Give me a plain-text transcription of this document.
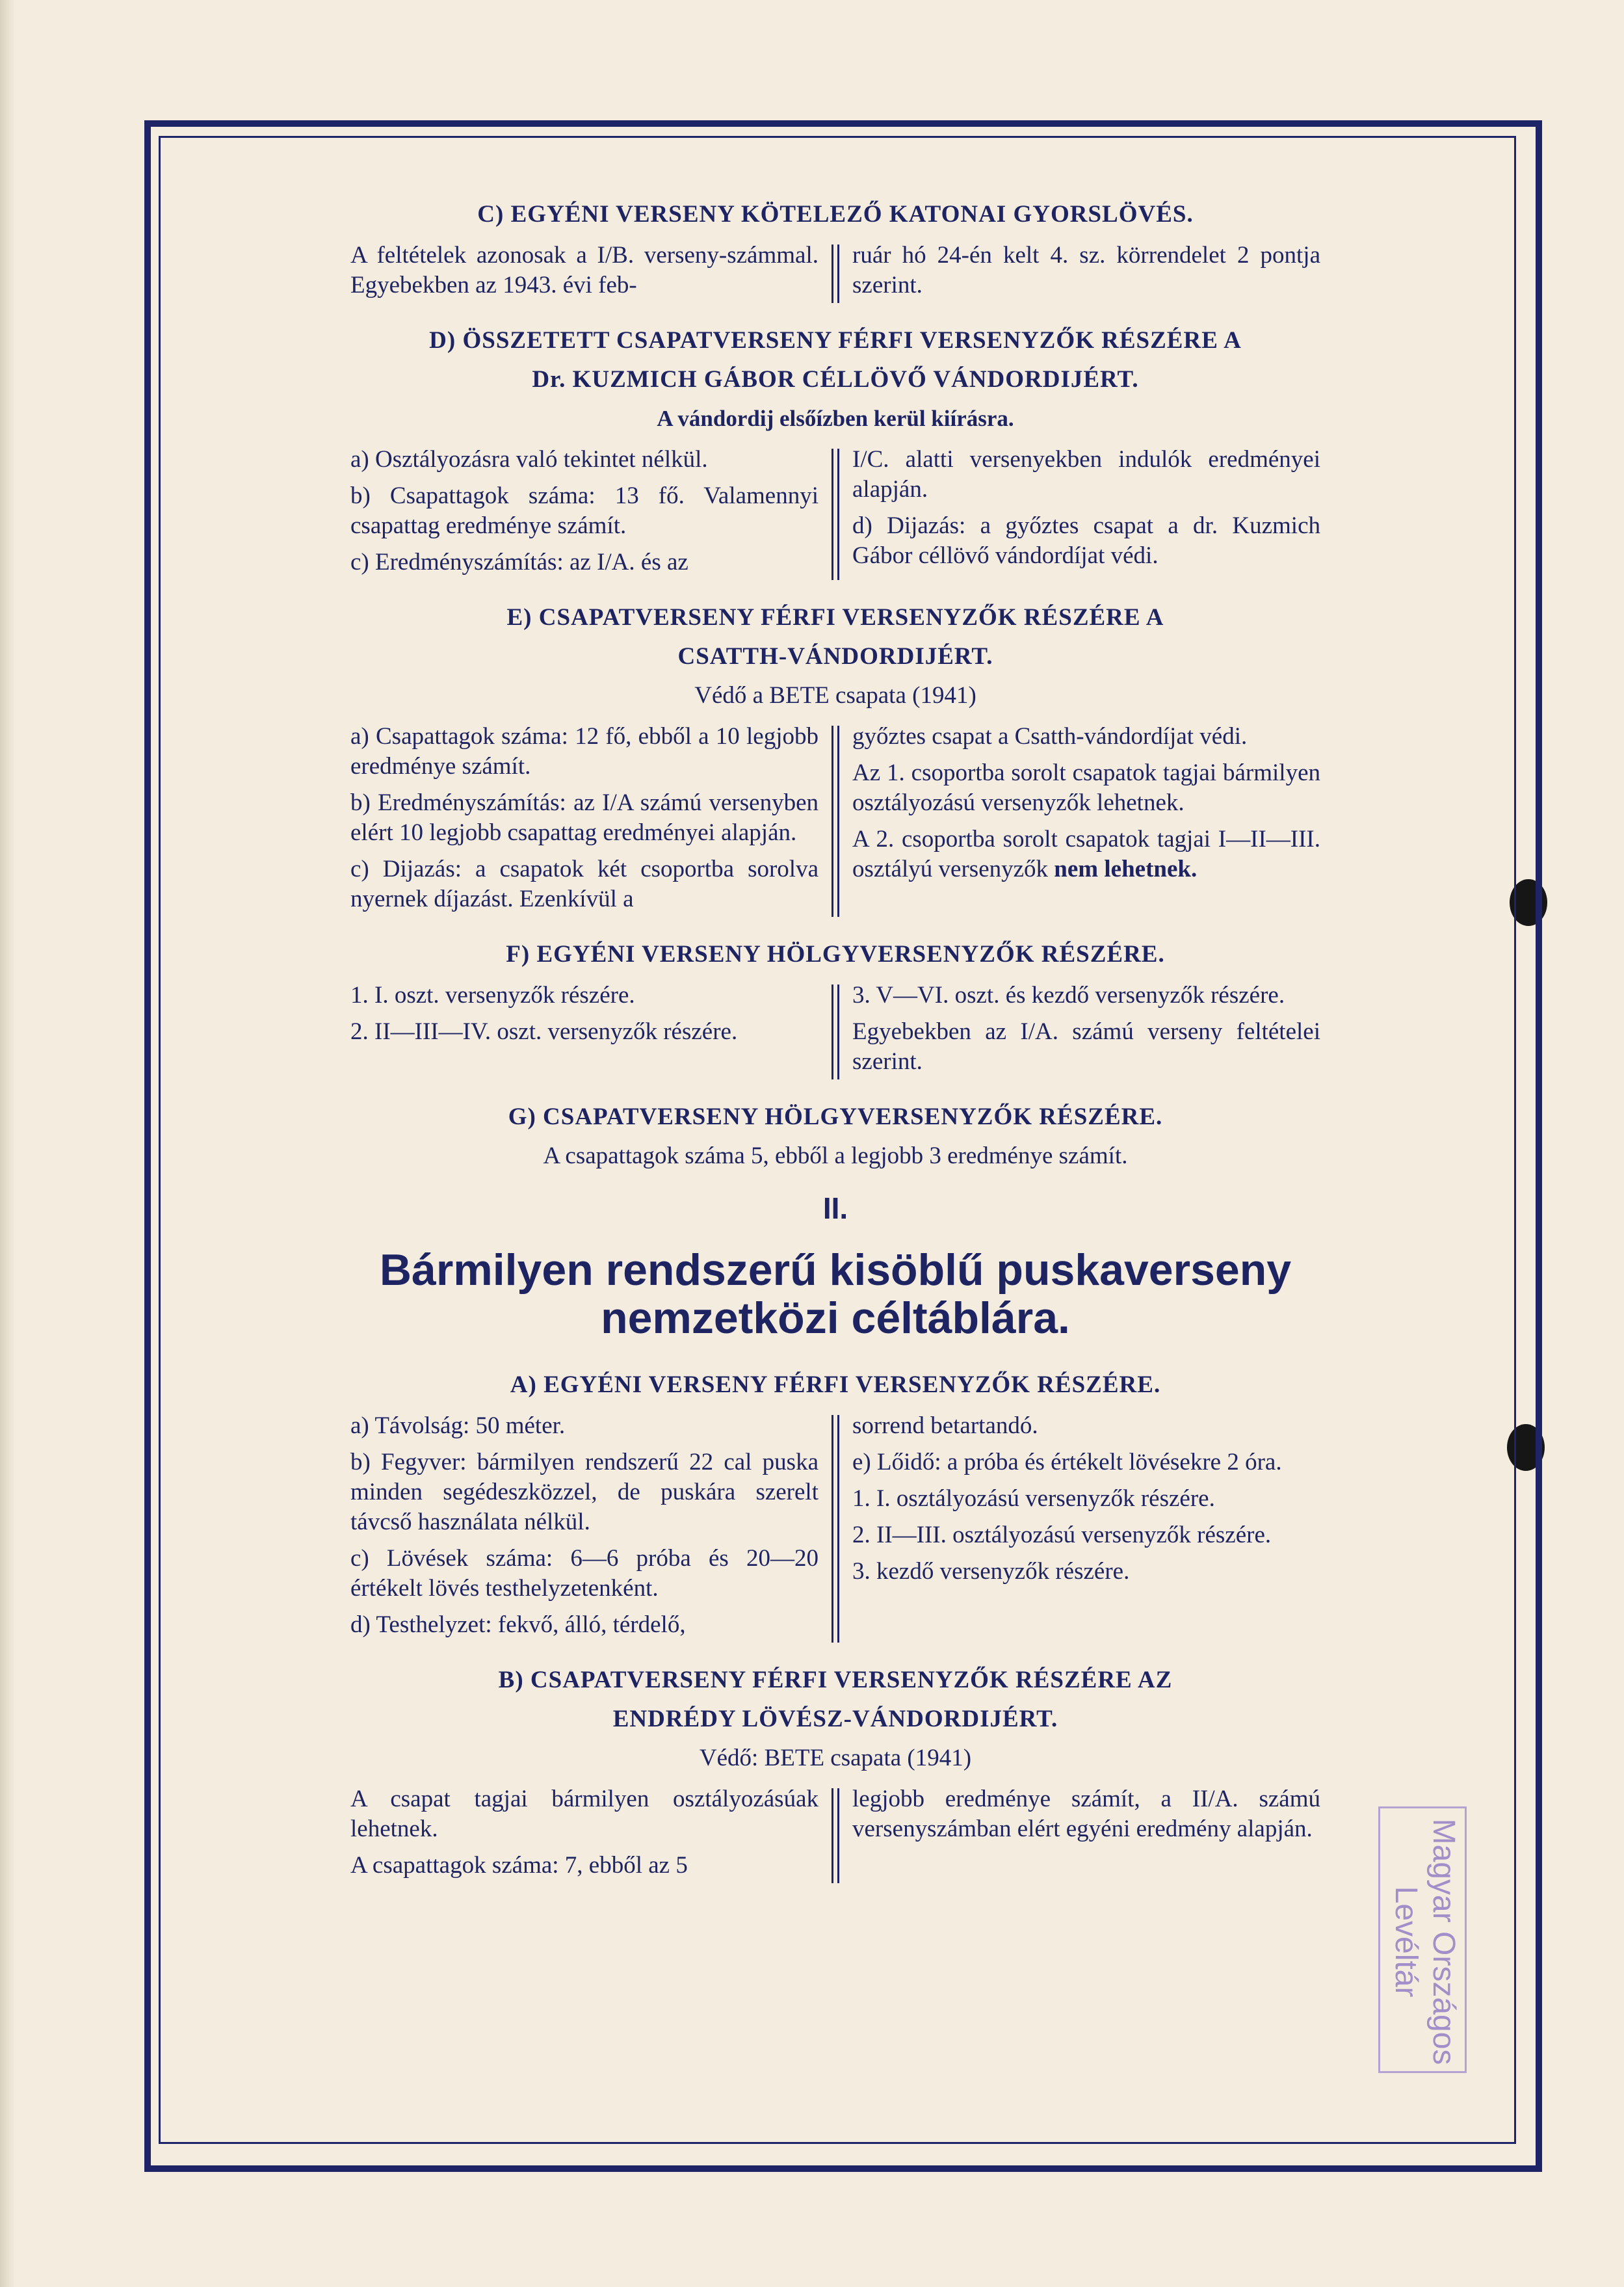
C) EGYÉNI VERSENY KÖTELEZŐ KATONAI GYORSLÖVÉS.

A feltételek azonosak a I/B. verseny-számmal. Egyebekben az 1943. évi feb-

ruár hó 24-én kelt 4. sz. körrendelet 2 pontja szerint.

D) ÖSSZETETT CSAPATVERSENY FÉRFI VERSENYZŐK RÉSZÉRE A
Dr. KUZMICH GÁBOR CÉLLÖVŐ VÁNDORDIJÉRT.
A vándordij elsőízben kerül kiírásra.

a) Osztályozásra való tekintet nélkül.

b) Csapattagok száma: 13 fő. Valamennyi csapattag eredménye számít.

c) Eredményszámítás: az I/A. és az

I/C. alatti versenyekben indulók eredményei alapján.

d) Dijazás: a győztes csapat a dr. Kuzmich Gábor céllövő vándordíjat védi.

E) CSAPATVERSENY FÉRFI VERSENYZŐK RÉSZÉRE A
CSATTH-VÁNDORDIJÉRT.
Védő a BETE csapata (1941)

a) Csapattagok száma: 12 fő, ebből a 10 legjobb eredménye számít.

b) Eredményszámítás: az I/A számú versenyben elért 10 legjobb csapattag eredményei alapján.

c) Dijazás: a csapatok két csoportba sorolva nyernek díjazást. Ezenkívül a

győztes csapat a Csatth-vándordíjat védi.

Az 1. csoportba sorolt csapatok tagjai bármilyen osztályozású versenyzők lehetnek.

A 2. csoportba sorolt csapatok tagjai I—II—III. osztályú versenyzők nem lehetnek.

F) EGYÉNI VERSENY HÖLGYVERSENYZŐK RÉSZÉRE.

1. I. oszt. versenyzők részére.

2. II—III—IV. oszt. versenyzők részére.

3. V—VI. oszt. és kezdő versenyzők részére.

Egyebekben az I/A. számú verseny feltételei szerint.

G) CSAPATVERSENY HÖLGYVERSENYZŐK RÉSZÉRE.
A csapattagok száma 5, ebből a legjobb 3 eredménye számít.
II.
Bármilyen rendszerű kisöblű puskaverseny
nemzetközi céltáblára.
A) EGYÉNI VERSENY FÉRFI VERSENYZŐK RÉSZÉRE.

a) Távolság: 50 méter.

b) Fegyver: bármilyen rendszerű 22 cal puska minden segédeszközzel, de puskára szerelt távcső használata nélkül.

c) Lövések száma: 6—6 próba és 20—20 értékelt lövés testhelyzetenként.

d) Testhelyzet: fekvő, álló, térdelő,

sorrend betartandó.

e) Lőidő: a próba és értékelt lövésekre 2 óra.

1. I. osztályozású versenyzők részére.

2. II—III. osztályozású versenyzők részére.

3. kezdő versenyzők részére.

B) CSAPATVERSENY FÉRFI VERSENYZŐK RÉSZÉRE AZ
ENDRÉDY LÖVÉSZ-VÁNDORDIJÉRT.
Védő: BETE csapata (1941)

A csapat tagjai bármilyen osztályozásúak lehetnek.

A csapattagok száma: 7, ebből az 5

legjobb eredménye számít, a II/A. számú versenyszámban elért egyéni eredmény alapján.	Magyar Országos
Levéltár
